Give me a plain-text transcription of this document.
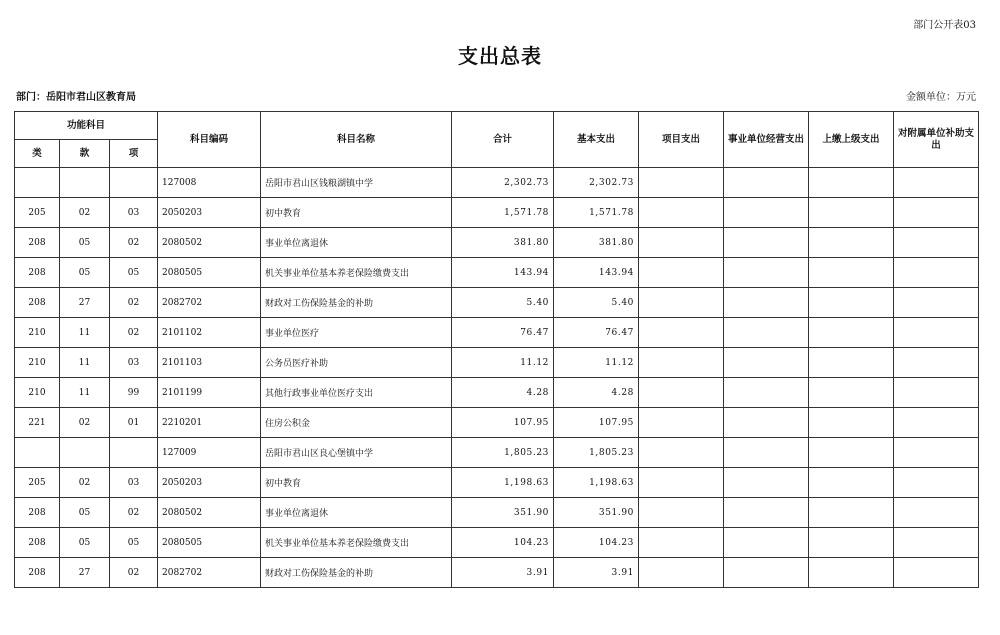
部门公开表03
支出总表
部门：岳阳市君山区教育局	金额单位：万元
功能科目			科目编码	科目名称	合计	基本支出	项目支出	事业单位经营支出	上缴上级支出	对附属单位补助支出
类	款	项								
			127008	岳阳市君山区钱粮湖镇中学	2,302.73	2,302.73				
205	02	03	2050203	初中教育	1,571.78	1,571.78				
208	05	02	2080502	事业单位离退休	381.80	381.80				
208	05	05	2080505	机关事业单位基本养老保险缴费支出	143.94	143.94				
208	27	02	2082702	财政对工伤保险基金的补助	5.40	5.40				
210	11	02	2101102	事业单位医疗	76.47	76.47				
210	11	03	2101103	公务员医疗补助	11.12	11.12				
210	11	99	2101199	其他行政事业单位医疗支出	4.28	4.28				
221	02	01	2210201	住房公积金	107.95	107.95				
			127009	岳阳市君山区良心堡镇中学	1,805.23	1,805.23				
205	02	03	2050203	初中教育	1,198.63	1,198.63				
208	05	02	2080502	事业单位离退休	351.90	351.90				
208	05	05	2080505	机关事业单位基本养老保险缴费支出	104.23	104.23				
208	27	02	2082702	财政对工伤保险基金的补助	3.91	3.91				
